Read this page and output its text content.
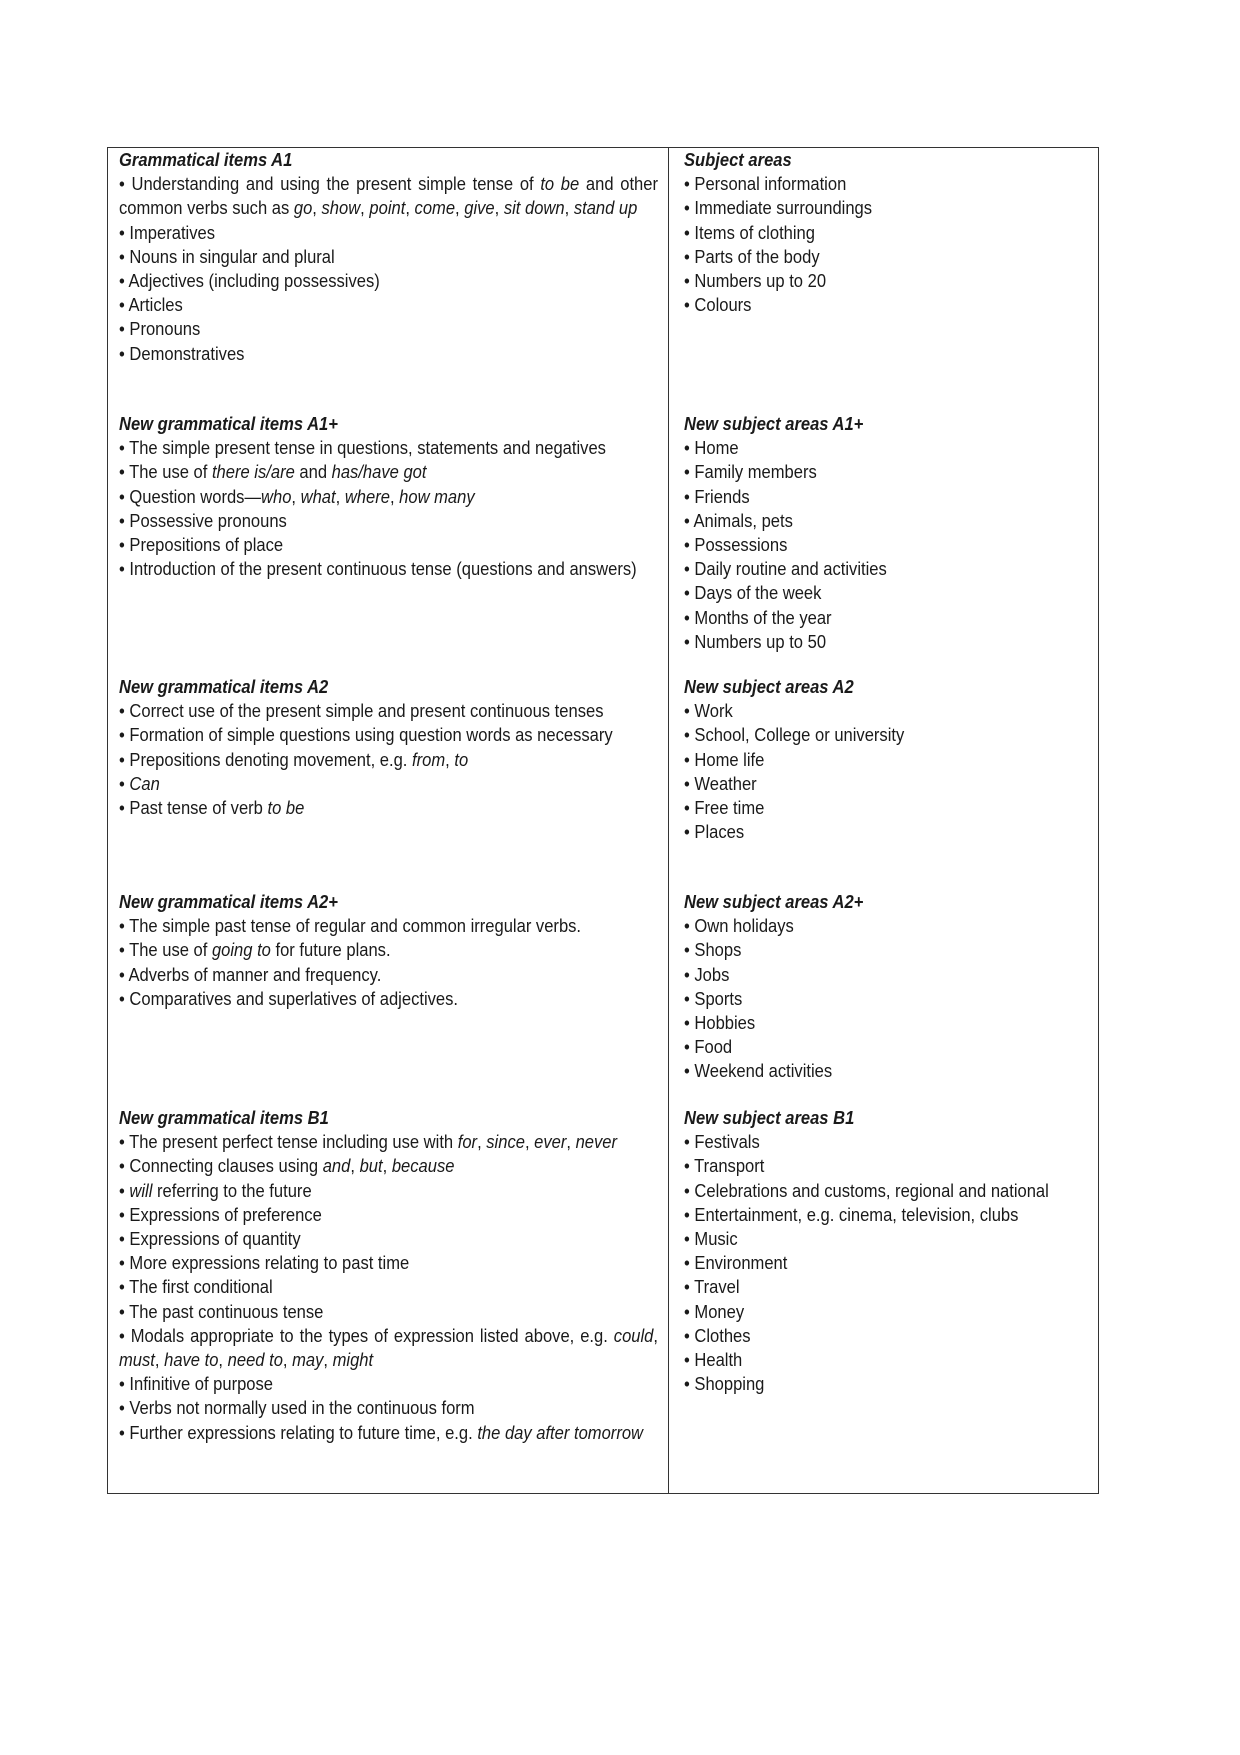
Grammatical items A1
• Understanding and using the present simple tense of to be and other common verbs such as go, show, point, come, give, sit down, stand up
• Imperatives
• Nouns in singular and plural
• Adjectives (including possessives)
• Articles
• Pronouns
• Demonstratives
New grammatical items A1+
• The simple present tense in questions, statements and negatives
• The use of there is/are and has/have got
• Question words—who, what, where, how many
• Possessive pronouns
• Prepositions of place
• Introduction of the present continuous tense (questions and answers)
New grammatical items A2
• Correct use of the present simple and present continuous tenses
• Formation of simple questions using question words as necessary
• Prepositions denoting movement, e.g. from, to
• Can
• Past tense of verb to be
New grammatical items A2+
• The simple past tense of regular and common irregular verbs.
• The use of going to for future plans.
• Adverbs of manner and frequency.
• Comparatives and superlatives of adjectives.
New grammatical items B1
• The present perfect tense including use with for, since, ever, never
• Connecting clauses using and, but, because
• will referring to the future
• Expressions of preference
• Expressions of quantity
• More expressions relating to past time
• The first conditional
• The past continuous tense
• Modals appropriate to the types of expression listed above, e.g. could, must, have to, need to, may, might
• Infinitive of purpose
• Verbs not normally used in the continuous form
• Further expressions relating to future time, e.g. the day after tomorrow
Subject areas
• Personal information
• Immediate surroundings
• Items of clothing
• Parts of the body
• Numbers up to 20
• Colours
New subject areas A1+
• Home
• Family members
• Friends
• Animals, pets
• Possessions
• Daily routine and activities
• Days of the week
• Months of the year
• Numbers up to 50
New subject areas A2
• Work
• School, College or university
• Home life
• Weather
• Free time
• Places
New subject areas A2+
• Own holidays
• Shops
• Jobs
• Sports
• Hobbies
• Food
• Weekend activities
New subject areas B1
• Festivals
• Transport
• Celebrations and customs, regional and national
• Entertainment, e.g. cinema, television, clubs
• Music
• Environment
• Travel
• Money
• Clothes
• Health
• Shopping
